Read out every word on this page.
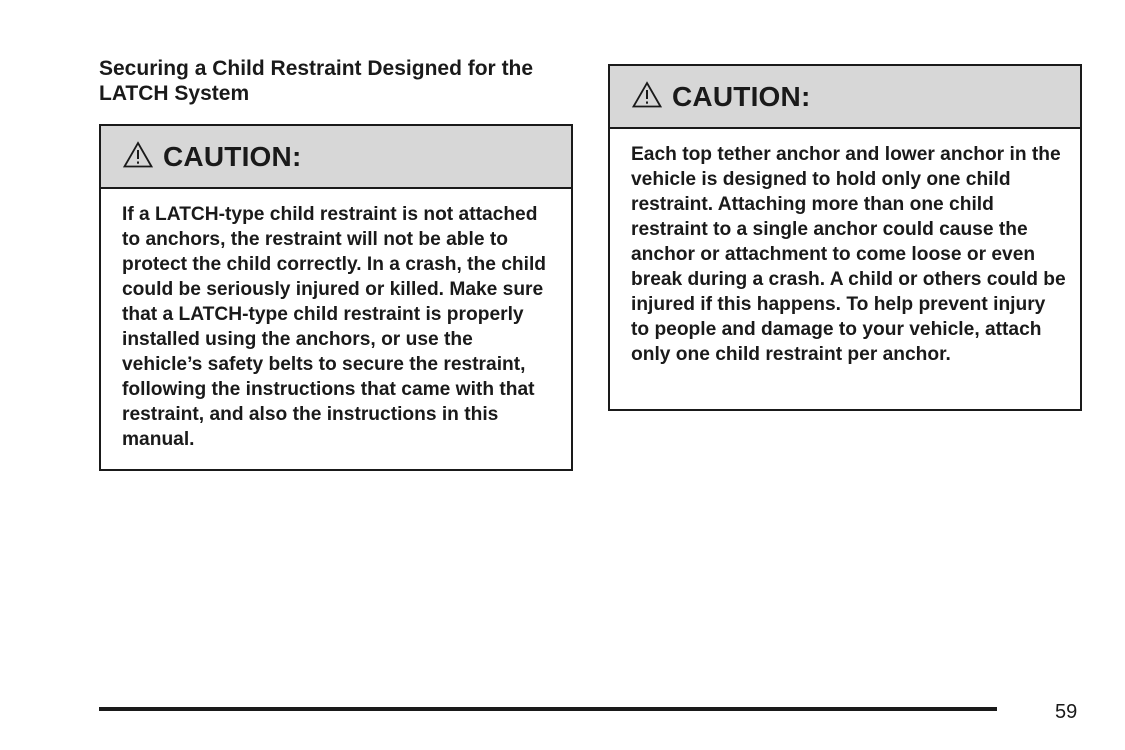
Securing a Child Restraint Designed for the LATCH System
CAUTION:

If a LATCH-type child restraint is not attached to anchors, the restraint will not be able to protect the child correctly. In a crash, the child could be seriously injured or killed. Make sure that a LATCH-type child restraint is properly installed using the anchors, or use the vehicle’s safety belts to secure the restraint, following the instructions that came with that restraint, and also the instructions in this manual.

CAUTION:

Each top tether anchor and lower anchor in the vehicle is designed to hold only one child restraint. Attaching more than one child restraint to a single anchor could cause the anchor or attachment to come loose or even break during a crash. A child or others could be injured if this happens. To help prevent injury to people and damage to your vehicle, attach only one child restraint per anchor.

59
